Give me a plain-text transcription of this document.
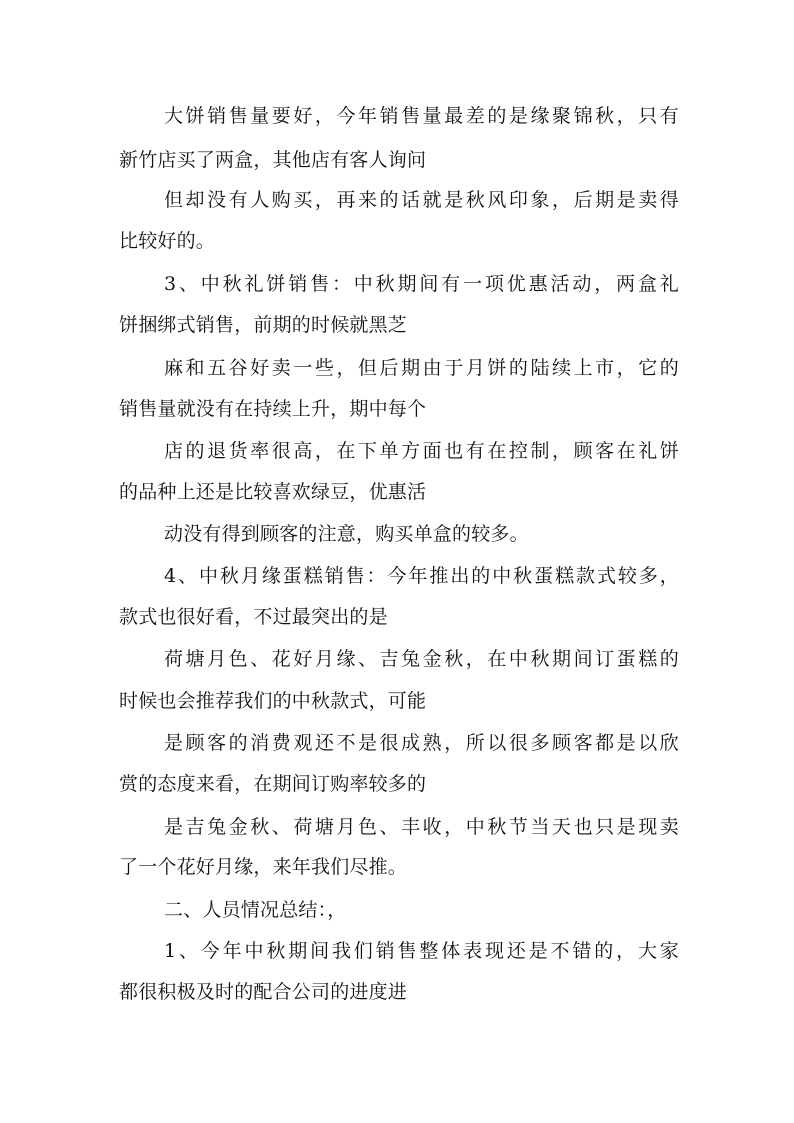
大饼销售量要好，今年销售量最差的是缘聚锦秋，只有
新竹店买了两盒，其他店有客人询问
但却没有人购买，再来的话就是秋风印象，后期是卖得
比较好的。
3、中秋礼饼销售：中秋期间有一项优惠活动，两盒礼
饼捆绑式销售，前期的时候就黑芝
麻和五谷好卖一些，但后期由于月饼的陆续上市，它的
销售量就没有在持续上升，期中每个
店的退货率很高，在下单方面也有在控制，顾客在礼饼
的品种上还是比较喜欢绿豆，优惠活
动没有得到顾客的注意，购买单盒的较多。
4、中秋月缘蛋糕销售：今年推出的中秋蛋糕款式较多，
款式也很好看，不过最突出的是
荷塘月色、花好月缘、吉兔金秋，在中秋期间订蛋糕的
时候也会推荐我们的中秋款式，可能
是顾客的消费观还不是很成熟，所以很多顾客都是以欣
赏的态度来看，在期间订购率较多的
是吉兔金秋、荷塘月色、丰收，中秋节当天也只是现卖
了一个花好月缘，来年我们尽推。
二、人员情况总结：，
1、今年中秋期间我们销售整体表现还是不错的，大家
都很积极及时的配合公司的进度进
